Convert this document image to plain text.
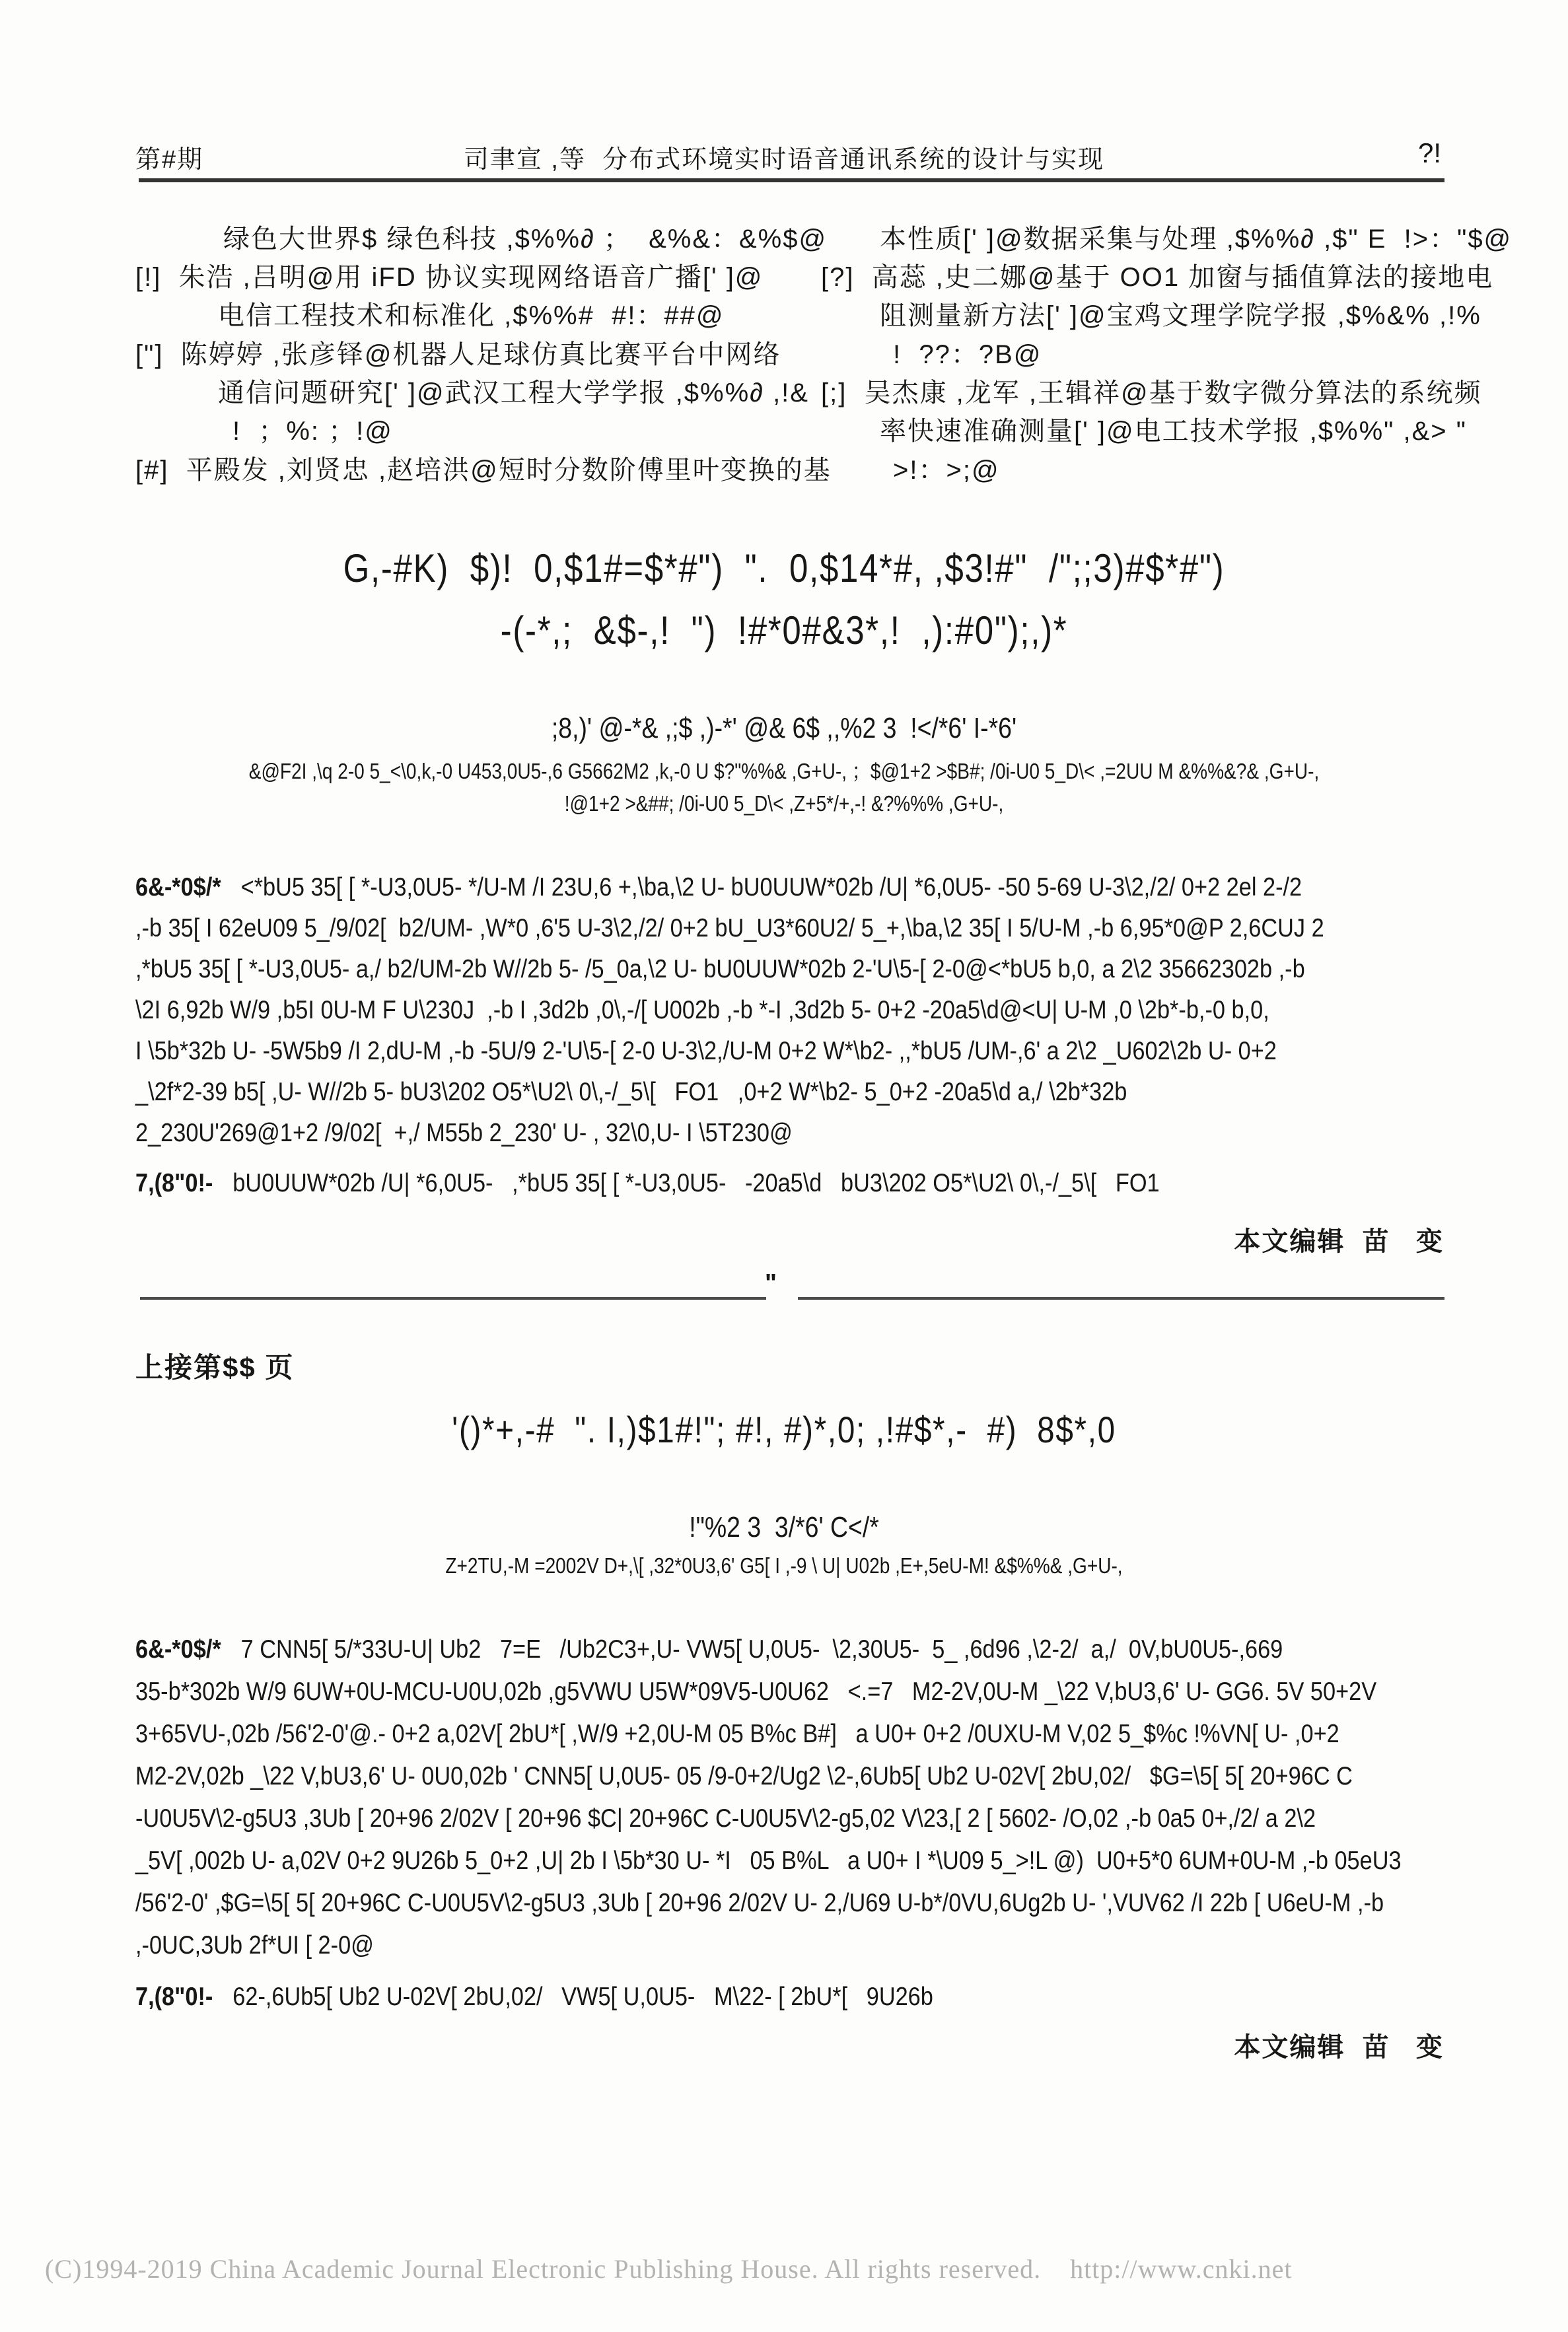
第#期	司聿宣 ,等  分布式环境实时语音通讯系统的设计与实现	?!
绿色大世界$ 绿色科技 ,$%%∂ ；  &%&：&%$@
[!]  朱浩 ,吕明@用 iFD 协议实现网络语音广播[' ]@
电信工程技术和标准化 ,$%%#  #!：##@
["]  陈婷婷 ,张彦铎@机器人足球仿真比赛平台中网络
通信问题研究[' ]@武汉工程大学学报 ,$%%∂ ,!&
!  ；%: ；!@
[#]  平殿发 ,刘贤忠 ,赵培洪@短时分数阶傅里叶变换的基
本性质[' ]@数据采集与处理 ,$%%∂ ,$" E  !>："$@
[?]  高蕊 ,史二娜@基于 OO1 加窗与插值算法的接地电
阻测量新方法[' ]@宝鸡文理学院学报 ,$%&% ,!%
!  ??：?B@
[;]  吴杰康 ,龙军 ,王辑祥@基于数字微分算法的系统频
率快速准确测量[' ]@电工技术学报 ,$%%" ,&> "
>!：>;@
G,-#K)  $)!  0,$1#=$*#")  ".  0,$14*#, ,$3!#"  /";;3)#$*#")
-(-*,;  &$-,!  ")  !#*0#&3*,!  ,):#0");,)*
;8,)' @-*& ,;$ ,)-*' @& 6$ ,,%2 3  !</*6' I-*6'
&@F2I ,\q 2-0 5_<\0,k,-0 U453,0U5-,6 G5662M2 ,k,-0 U $?"%%& ,G+U-, ；$@1+2 >$B#; /0i-U0 5_D\< ,=2UU M &%%&?& ,G+U-,
!@1+2 >&##; /0i-U0 5_D\< ,Z+5*/+,-! &?%%% ,G+U-,
6&-*0$/* <*bU5 35[ [ *-U3,0U5- */U-M /I 23U,6 +,\ba,\2 U- bU0UUW*02b /U| *6,0U5- -50 5-69 U-3\2,/2/ 0+2 2el 2-/2
,-b 35[ I 62eU09 5_/9/02[  b2/UM- ,W*0 ,6'5 U-3\2,/2/ 0+2 bU_U3*60U2/ 5_+,\ba,\2 35[ I 5/U-M ,-b 6,95*0@P 2,6CUJ 2
,*bU5 35[ [ *-U3,0U5- a,/ b2/UM-2b W//2b 5- /5_0a,\2 U- bU0UUW*02b 2-'U\5-[ 2-0@<*bU5 b,0, a 2\2 35662302b ,-b
\2I 6,92b W/9 ,b5I 0U-M F U\230J  ,-b I ,3d2b ,0\,-/[ U002b ,-b *-I ,3d2b 5- 0+2 -20a5\d@<U| U-M ,0 \2b*-b,-0 b,0,
I \5b*32b U- -5W5b9 /I 2,dU-M ,-b -5U/9 2-'U\5-[ 2-0 U-3\2,/U-M 0+2 W*\b2- ,,*bU5 /UM-,6' a 2\2 _U602\2b U- 0+2
_\2f*2-39 b5[ ,U- W//2b 5- bU3\202 O5*\U2\ 0\,-/_5\[   FO1   ,0+2 W*\b2- 5_0+2 -20a5\d a,/ \2b*32b
2_230U'269@1+2 /9/02[  +,/ M55b 2_230' U- , 32\0,U- I \5T230@
7,(8"0!- bU0UUW*02b /U| *6,0U5-   ,*bU5 35[ [ *-U3,0U5-   -20a5\d   bU3\202 O5*\U2\ 0\,-/_5\[   FO1
本文编辑  苗   变
"
上接第$$ 页
'()*+,-#  ". I,)$1#!"; #!, #)*,0; ,!#$*,-  #)  8$*,0
!"%2 3  3/*6' C</*
Z+2TU,-M =2002V D+,\[ ,32*0U3,6' G5[ I ,-9 \ U| U02b ,E+,5eU-M! &$%%& ,G+U-,
6&-*0$/* 7 CNN5[ 5/*33U-U| Ub2   7=E   /Ub2C3+,U- VW5[ U,0U5-  \2,30U5-  5_ ,6d96 ,\2-2/  a,/  0V,bU0U5-,669
35-b*302b W/9 6UW+0U-MCU-U0U,02b ,g5VWU U5W*09V5-U0U62   <.=7   M2-2V,0U-M _\22 V,bU3,6' U- GG6. 5V 50+2V
3+65VU-,02b /56'2-0'@.- 0+2 a,02V[ 2bU*[ ,W/9 +2,0U-M 05 B%c B#]   a U0+ 0+2 /0UXU-M V,02 5_$%c !%VN[ U- ,0+2
M2-2V,02b _\22 V,bU3,6' U- 0U0,02b ' CNN5[ U,0U5- 05 /9-0+2/Ug2 \2-,6Ub5[ Ub2 U-02V[ 2bU,02/   $G=\5[ 5[ 20+96C C
-U0U5V\2-g5U3 ,3Ub [ 20+96 2/02V [ 20+96 $C| 20+96C C-U0U5V\2-g5,02 V\23,[ 2 [ 5602- /O,02 ,-b 0a5 0+,/2/ a 2\2
_5V[ ,002b U- a,02V 0+2 9U26b 5_0+2 ,U| 2b I \5b*30 U- *I   05 B%L   a U0+ I *\U09 5_>!L @)  U0+5*0 6UM+0U-M ,-b 05eU3
/56'2-0' ,$G=\5[ 5[ 20+96C C-U0U5V\2-g5U3 ,3Ub [ 20+96 2/02V U- 2,/U69 U-b*/0VU,6Ug2b U- ',VUV62 /I 22b [ U6eU-M ,-b
,-0UC,3Ub 2f*UI [ 2-0@
7,(8"0!- 62-,6Ub5[ Ub2 U-02V[ 2bU,02/   VW5[ U,0U5-   M\22- [ 2bU*[   9U26b
本文编辑  苗   变
(C)1994-2019 China Academic Journal Electronic Publishing House. All rights reserved.    http://www.cnki.net
